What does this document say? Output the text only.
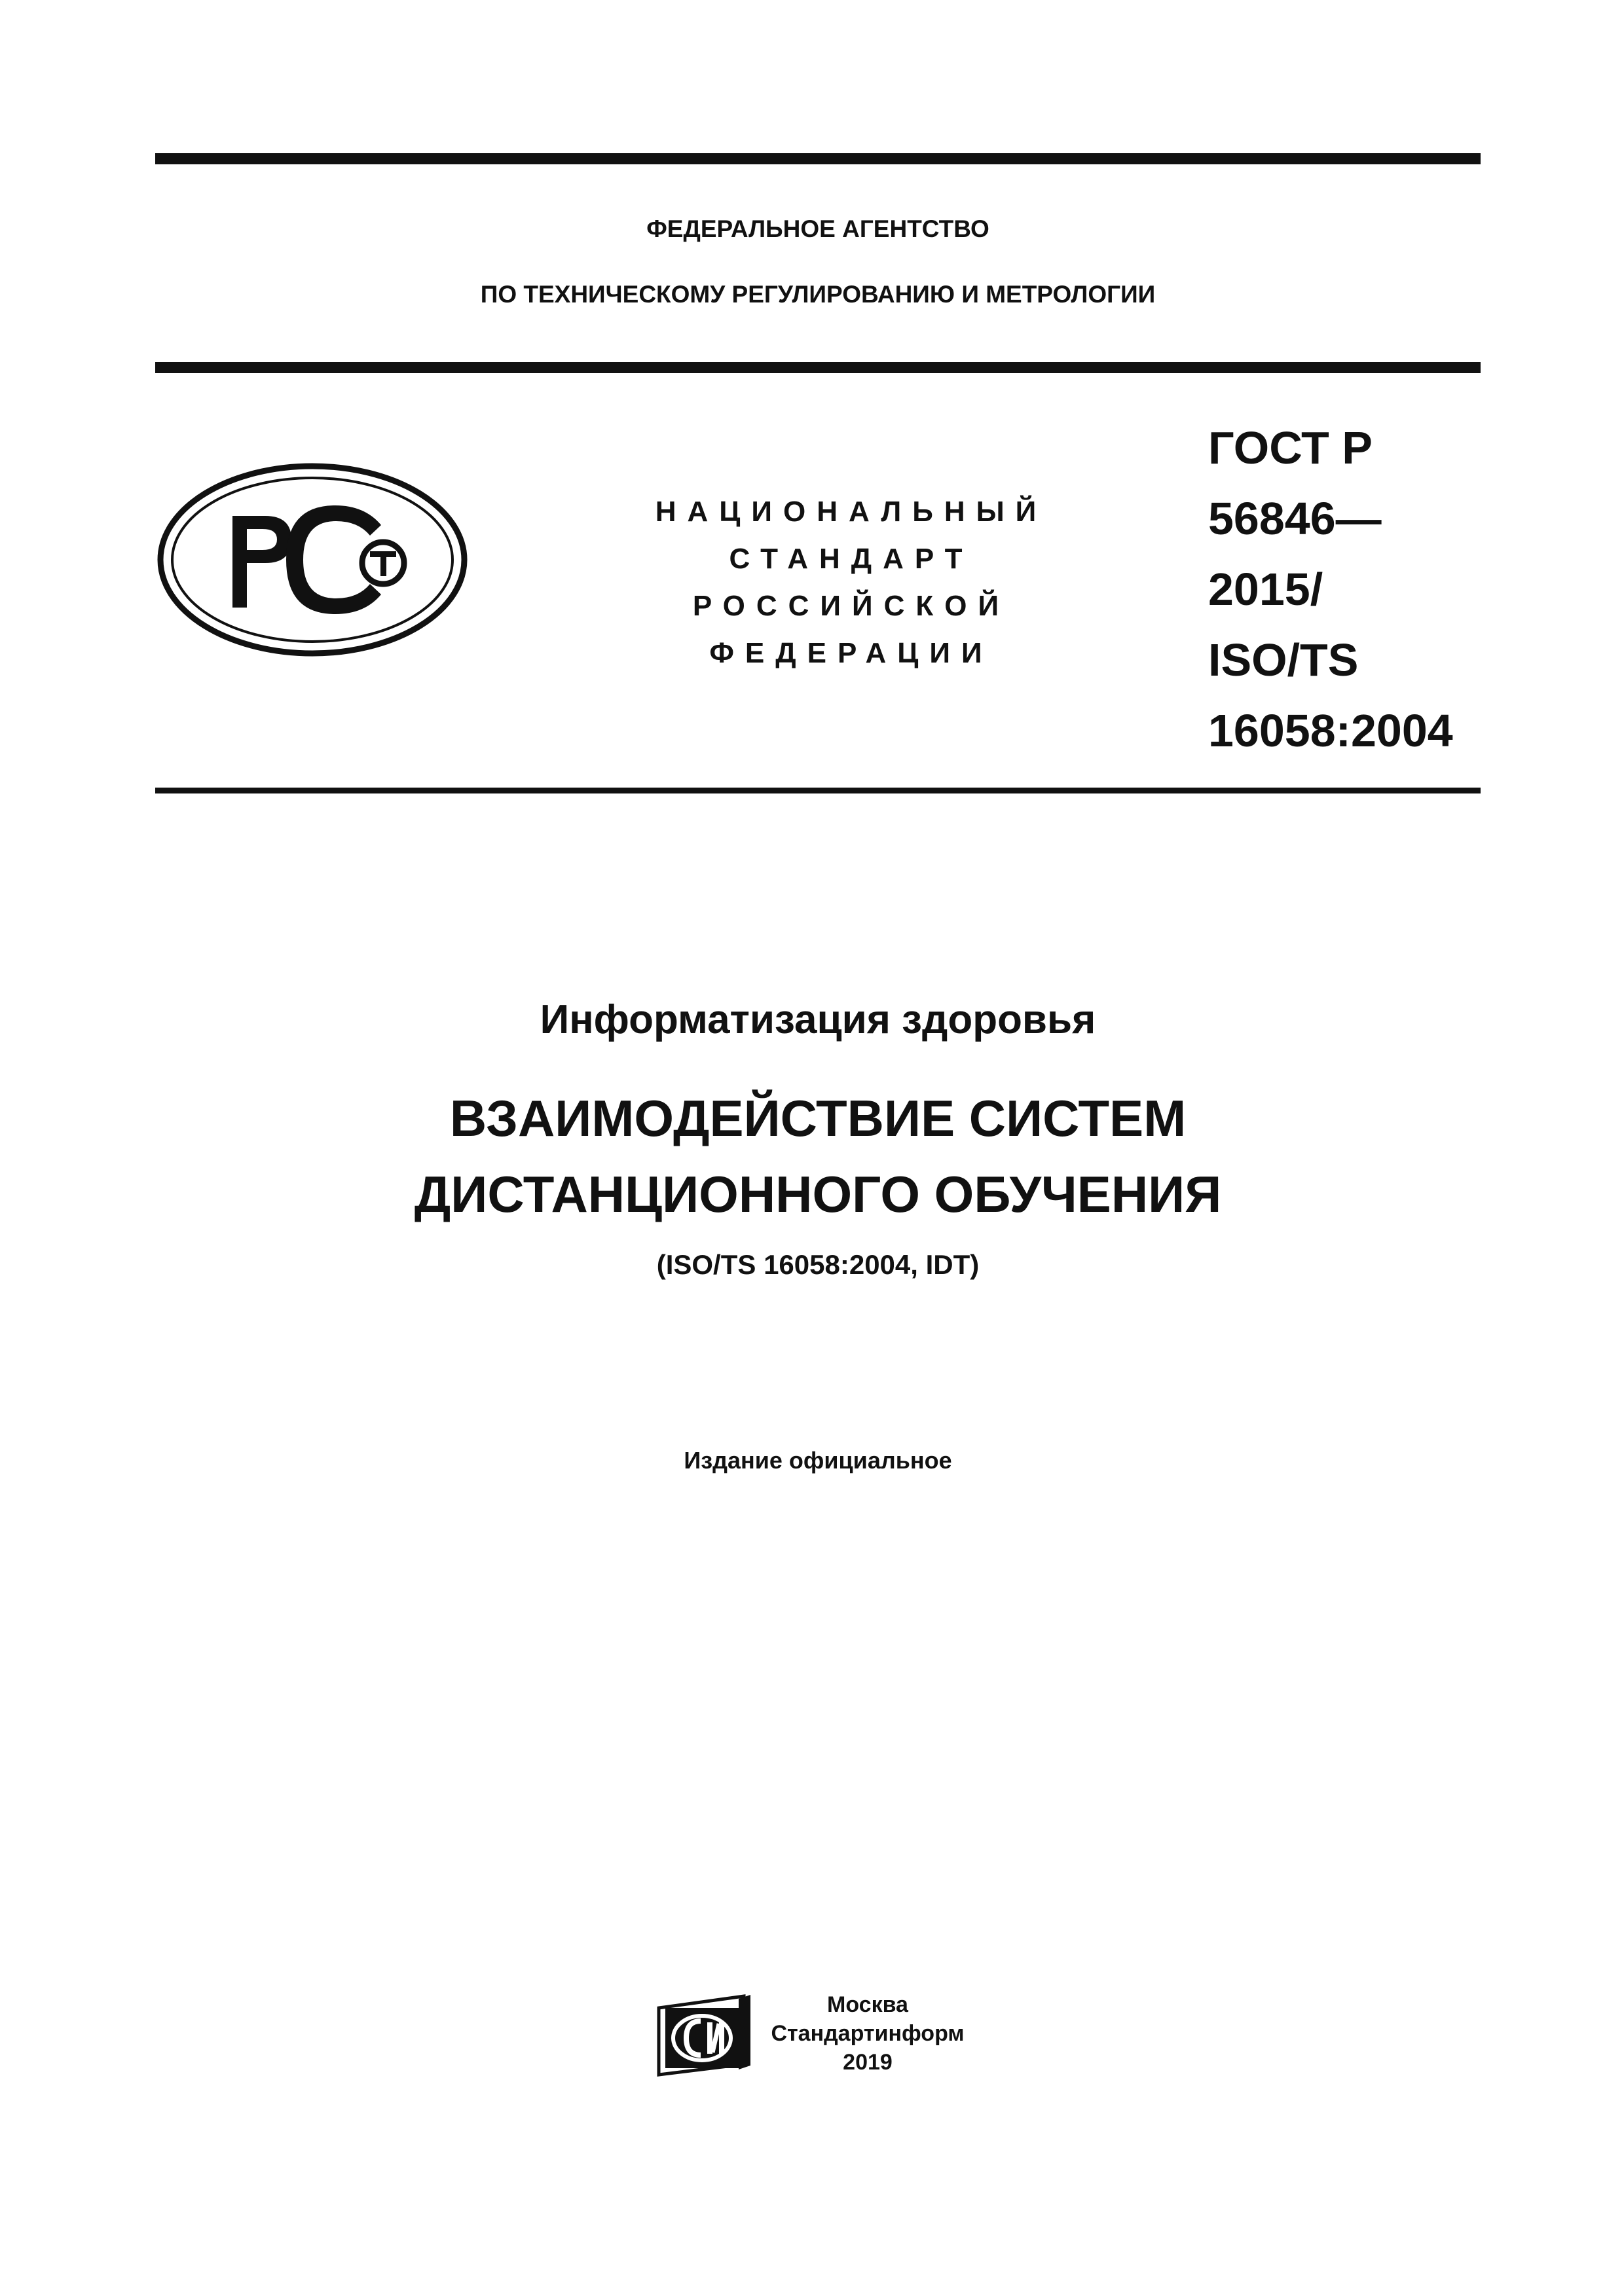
ФЕДЕРАЛЬНОЕ АГЕНТСТВО
ПО ТЕХНИЧЕСКОМУ РЕГУЛИРОВАНИЮ И МЕТРОЛОГИИ
НАЦИОНАЛЬНЫЙ
СТАНДАРТ
РОССИЙСКОЙ
ФЕДЕРАЦИИ
ГОСТ Р
56846—
2015/
ISO/TS
16058:2004
Информатизация здоровья
ВЗАИМОДЕЙСТВИЕ СИСТЕМ
ДИСТАНЦИОННОГО ОБУЧЕНИЯ
(ISO/TS 16058:2004, IDT)
Издание официальное
Москва
Стандартинформ
2019
